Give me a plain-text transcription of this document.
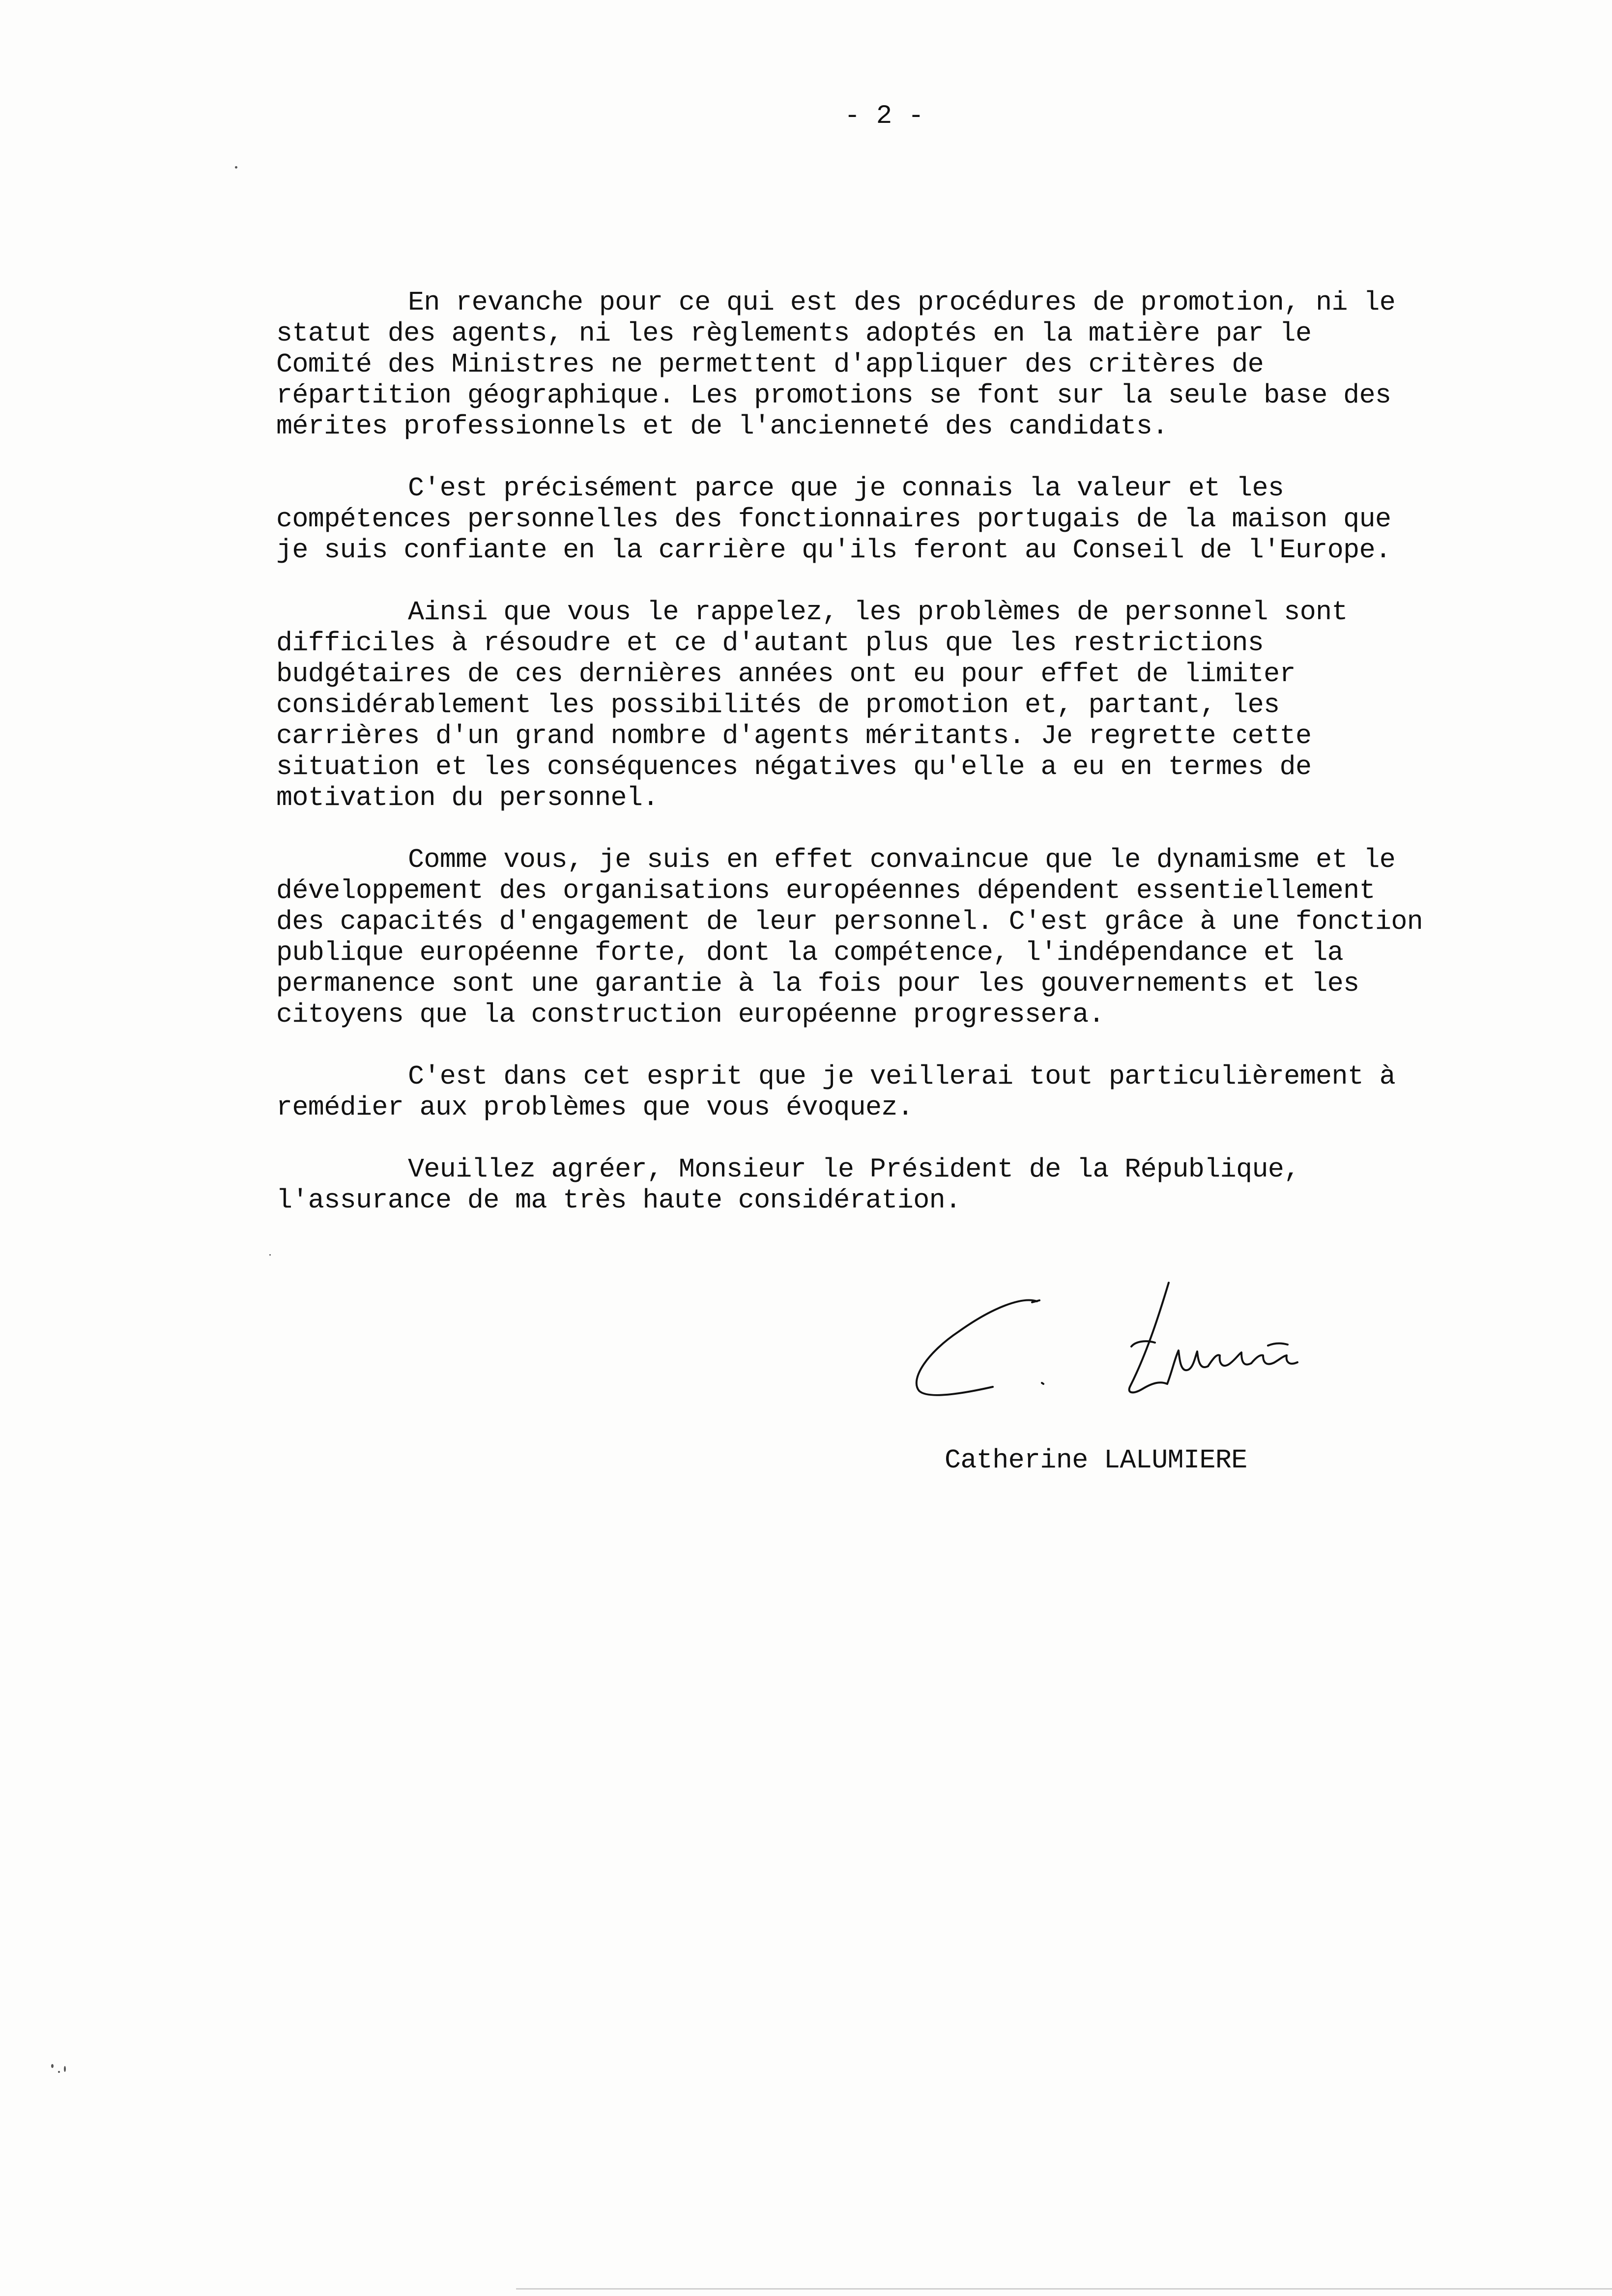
- 2 -

En revanche pour ce qui est des procédures de promotion, ni le
statut des agents, ni les règlements adoptés en la matière par le
Comité des Ministres ne permettent d'appliquer des critères de
répartition géographique. Les promotions se font sur la seule base des
mérites professionnels et de l'ancienneté des candidats.

C'est précisément parce que je connais la valeur et les
compétences personnelles des fonctionnaires portugais de la maison que
je suis confiante en la carrière qu'ils feront au Conseil de l'Europe.

Ainsi que vous le rappelez, les problèmes de personnel sont
difficiles à résoudre et ce d'autant plus que les restrictions
budgétaires de ces dernières années ont eu pour effet de limiter
considérablement les possibilités de promotion et, partant, les
carrières d'un grand nombre d'agents méritants. Je regrette cette
situation et les conséquences négatives qu'elle a eu en termes de
motivation du personnel.

Comme vous, je suis en effet convaincue que le dynamisme et le
développement des organisations européennes dépendent essentiellement
des capacités d'engagement de leur personnel. C'est grâce à une fonction
publique européenne forte, dont la compétence, l'indépendance et la
permanence sont une garantie à la fois pour les gouvernements et les
citoyens que la construction européenne progressera.

C'est dans cet esprit que je veillerai tout particulièrement à
remédier aux problèmes que vous évoquez.

Veuillez agréer, Monsieur le Président de la République,
l'assurance de ma très haute considération.

Catherine LALUMIERE
